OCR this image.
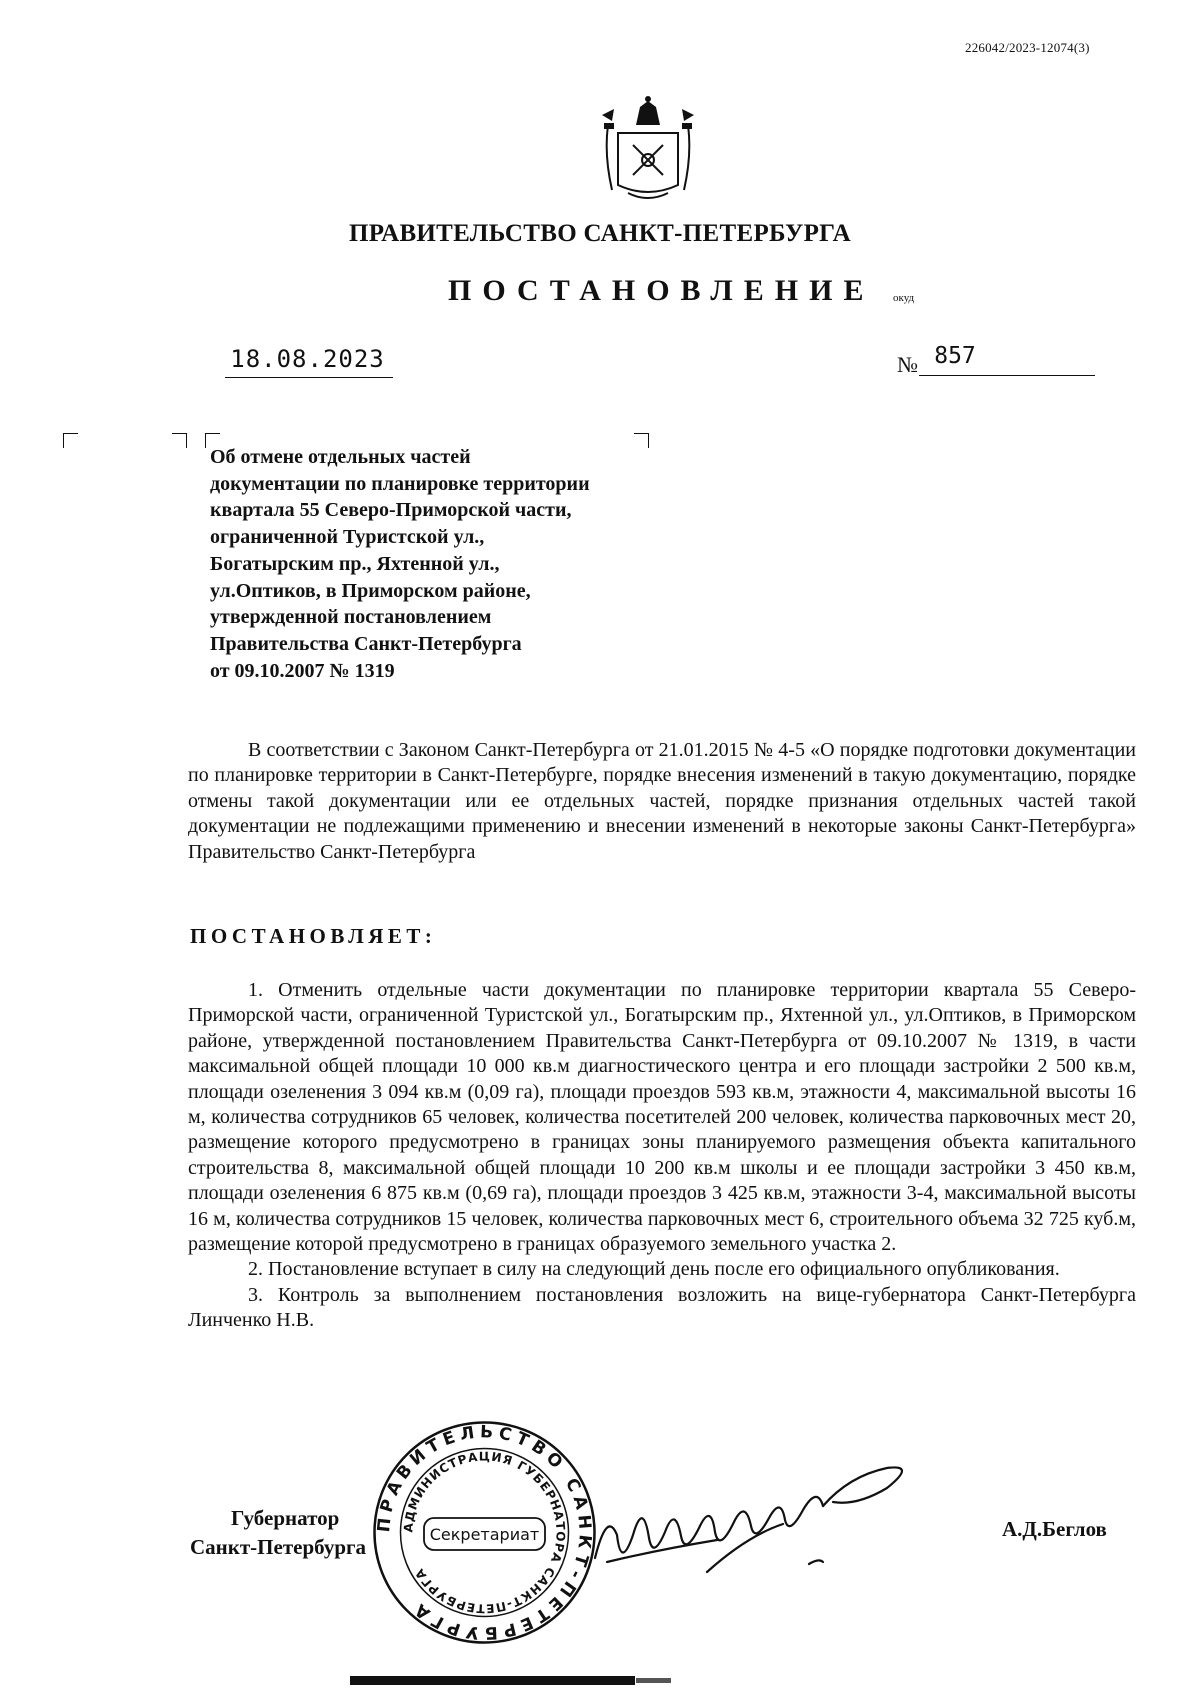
226042/2023-12074(3)
ПРАВИТЕЛЬСТВО САНКТ-ПЕТЕРБУРГА
ПОСТАНОВЛЕНИЕ окуд
18.08.2023	№ 857
Об отмене отдельных частей
документации по планировке территории
квартала 55 Северо-Приморской части,
ограниченной Туристской ул.,
Богатырским пр., Яхтенной ул.,
ул.Оптиков, в Приморском районе,
утвержденной постановлением
Правительства Санкт-Петербурга
от 09.10.2007 № 1319

В соответствии с Законом Санкт-Петербурга от 21.01.2015 № 4-5 «О порядке подготовки документации по планировке территории в Санкт-Петербурге, порядке внесения изменений в такую документацию, порядке отмены такой документации или ее отдельных частей, порядке признания отдельных частей такой документации не подлежащими применению и внесении изменений в некоторые законы Санкт-Петербурга» Правительство Санкт-Петербурга

ПОСТАНОВЛЯЕТ:

1. Отменить отдельные части документации по планировке территории квартала 55 Северо-Приморской части, ограниченной Туристской ул., Богатырским пр., Яхтенной ул., ул.Оптиков, в Приморском районе, утвержденной постановлением Правительства Санкт-Петербурга от 09.10.2007 № 1319, в части максимальной общей площади 10 000 кв.м диагностического центра и его площади застройки 2 500 кв.м, площади озеленения 3 094 кв.м (0,09 га), площади проездов 593 кв.м, этажности 4, максимальной высоты 16 м, количества сотрудников 65 человек, количества посетителей 200 человек, количества парковочных мест 20, размещение которого предусмотрено в границах зоны планируемого размещения объекта капитального строительства 8, максимальной общей площади 10 200 кв.м школы и ее площади застройки 3 450 кв.м, площади озеленения 6 875 кв.м (0,69 га), площади проездов 3 425 кв.м, этажности 3-4, максимальной высоты 16 м, количества сотрудников 15 человек, количества парковочных мест 6, строительного объема 32 725 куб.м, размещение которой предусмотрено в границах образуемого земельного участка 2.

2. Постановление вступает в силу на следующий день после его официального опубликования.

3. Контроль за выполнением постановления возложить на вице-губернатора Санкт-Петербурга Линченко Н.В.

Губернатор
Санкт-Петербурга
А.Д.Беглов
ПРАВИТЕЛЬСТВО САНКТ-ПЕТЕРБУРГА
АДМИНИСТРАЦИЯ ГУБЕРНАТОРА САНКТ-ПЕТЕРБУРГА
Секретариат
